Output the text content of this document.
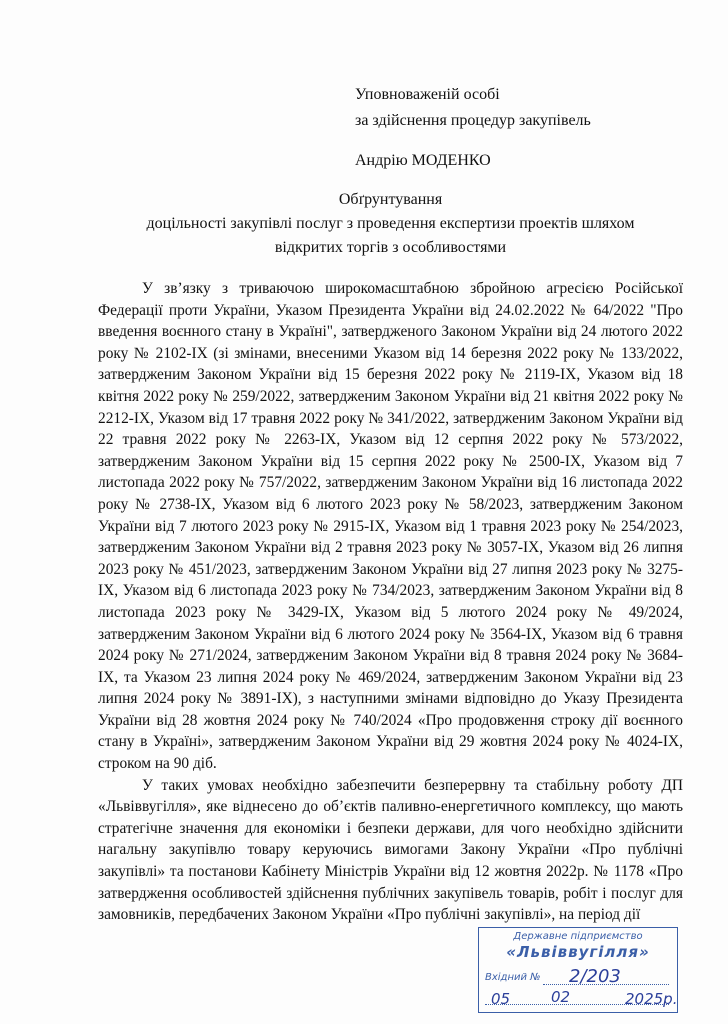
Уповноваженій особі
за здійснення процедур закупівель
Андрію МОДЕНКО
Обґрунтування
доцільності закупівлі послуг з проведення експертизи проектів шляхом
відкритих торгів з особливостями

У зв’язку з триваючою широкомасштабною збройною агресією Російської Федерації проти України, Указом Президента України від 24.02.2022 № 64/2022 "Про введення воєнного стану в Україні", затвердженого Законом України від 24 лютого 2022 року № 2102-IX (зі змінами, внесеними Указом від 14 березня 2022 року № 133/2022, затвердженим Законом України від 15 березня 2022 року № 2119-IX, Указом від 18 квітня 2022 року № 259/2022, затвердженим Законом України від 21 квітня 2022 року № 2212-IX, Указом від 17 травня 2022 року № 341/2022, затвердженим Законом України від 22 травня 2022 року № 2263-IX, Указом від 12 серпня 2022 року № 573/2022, затвердженим Законом України від 15 серпня 2022 року № 2500-IX, Указом від 7 листопада 2022 року № 757/2022, затвердженим Законом України від 16 листопада 2022 року № 2738-IX, Указом від 6 лютого 2023 року № 58/2023, затвердженим Законом України від 7 лютого 2023 року № 2915-IX, Указом від 1 травня 2023 року № 254/2023, затвердженим Законом України від 2 травня 2023 року № 3057-IX, Указом від 26 липня 2023 року № 451/2023, затвердженим Законом України від 27 липня 2023 року № 3275-IX, Указом від 6 листопада 2023 року № 734/2023, затвердженим Законом України від 8 листопада 2023 року № 3429-IX, Указом від 5 лютого 2024 року № 49/2024, затвердженим Законом України від 6 лютого 2024 року № 3564-IX, Указом від 6 травня 2024 року № 271/2024, затвердженим Законом України від 8 травня 2024 року № 3684-IX, та Указом 23 липня 2024 року № 469/2024, затвердженим Законом України від 23 липня 2024 року № 3891-IX), з наступними змінами відповідно до Указу Президента України від 28 жовтня 2024 року № 740/2024 «Про продовження строку дії воєнного стану в Україні», затвердженим Законом України від 29 жовтня 2024 року № 4024-IX, строком на 90 діб.

У таких умовах необхідно забезпечити безперервну та стабільну роботу ДП «Львіввугілля», яке віднесено до об’єктів паливно-енергетичного комплексу, що мають стратегічне значення для економіки і безпеки держави, для чого необхідно здійснити нагальну закупівлю товару керуючись вимогами Закону України «Про публічні закупівлі» та постанови Кабінету Міністрів України від 12 жовтня 2022р. № 1178 «Про затвердження особливостей здійснення публічних закупівель товарів, робіт і послуг для замовників, передбачених Законом України «Про публічні закупівлі», на період дії

Державне підприємство
«Львіввугілля»
Вхідний № 2/203
05	02	2025р.
